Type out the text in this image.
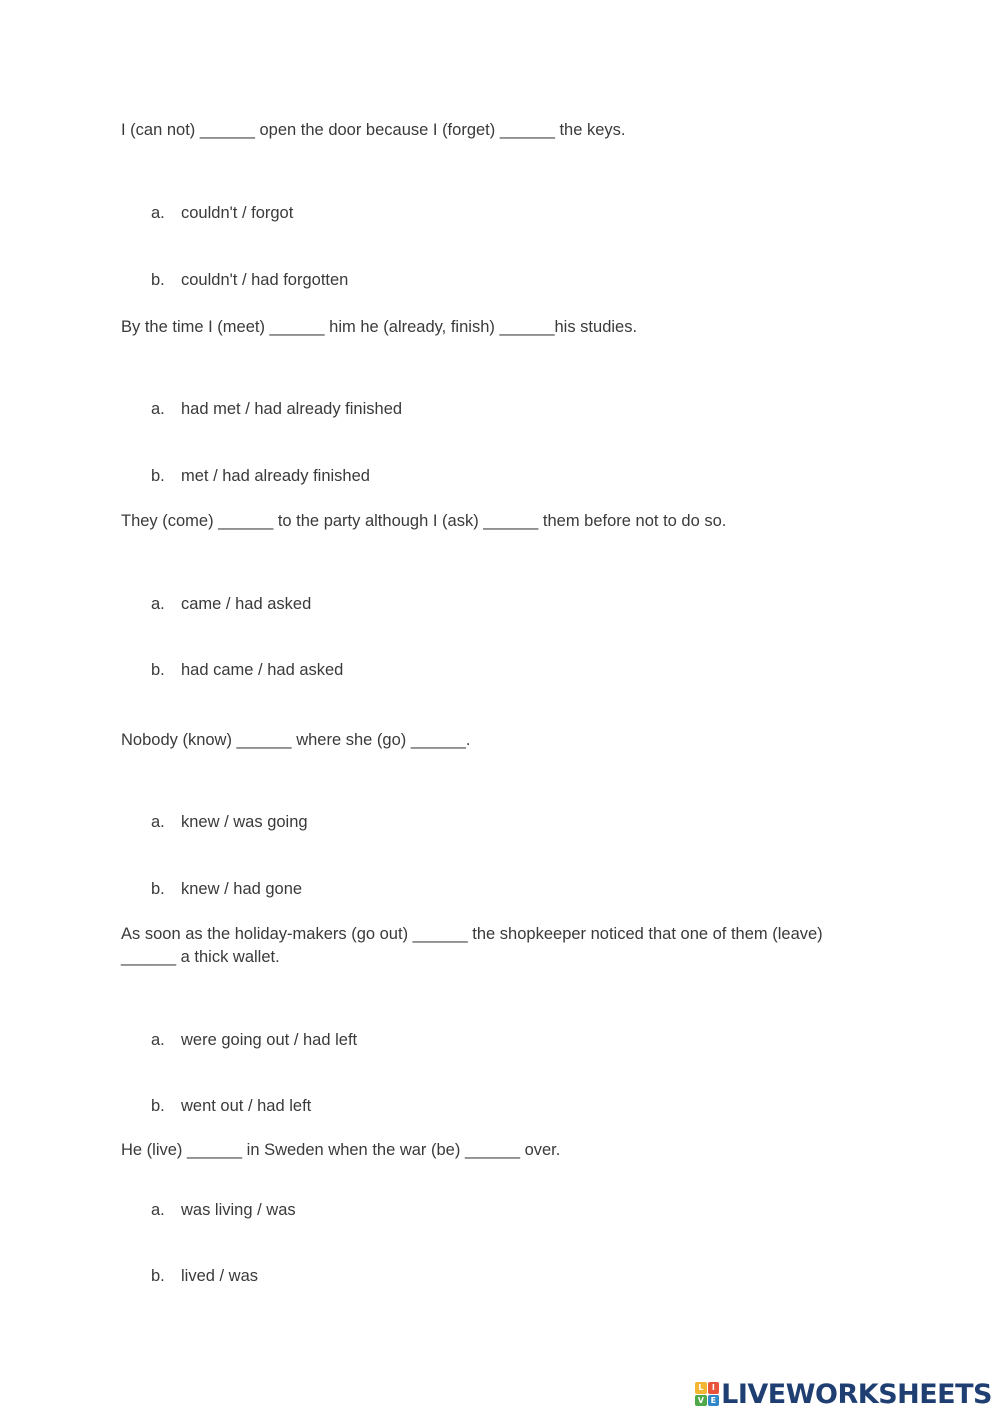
I (can not) ______ open the door because I (forget) ______ the keys.

a. couldn't / forgot
b. couldn't / had forgotten

By the time I (meet) ______ him he (already, finish) ______his studies.

a. had met / had already finished
b. met / had already finished

They (come) ______ to the party although I (ask) ______ them before not to do so.

a. came / had asked
b. had came / had asked

Nobody (know) ______ where she (go) ______.

a. knew / was going
b. knew / had gone

As soon as the holiday-makers (go out) ______ the shopkeeper noticed that one of them (leave) ______ a thick wallet.

a. were going out / had left
b. went out / had left

He (live) ______ in Sweden when the war (be) ______ over.

a. was living / was
b. lived / was
L	I
V E LIVEWORKSHEETS
